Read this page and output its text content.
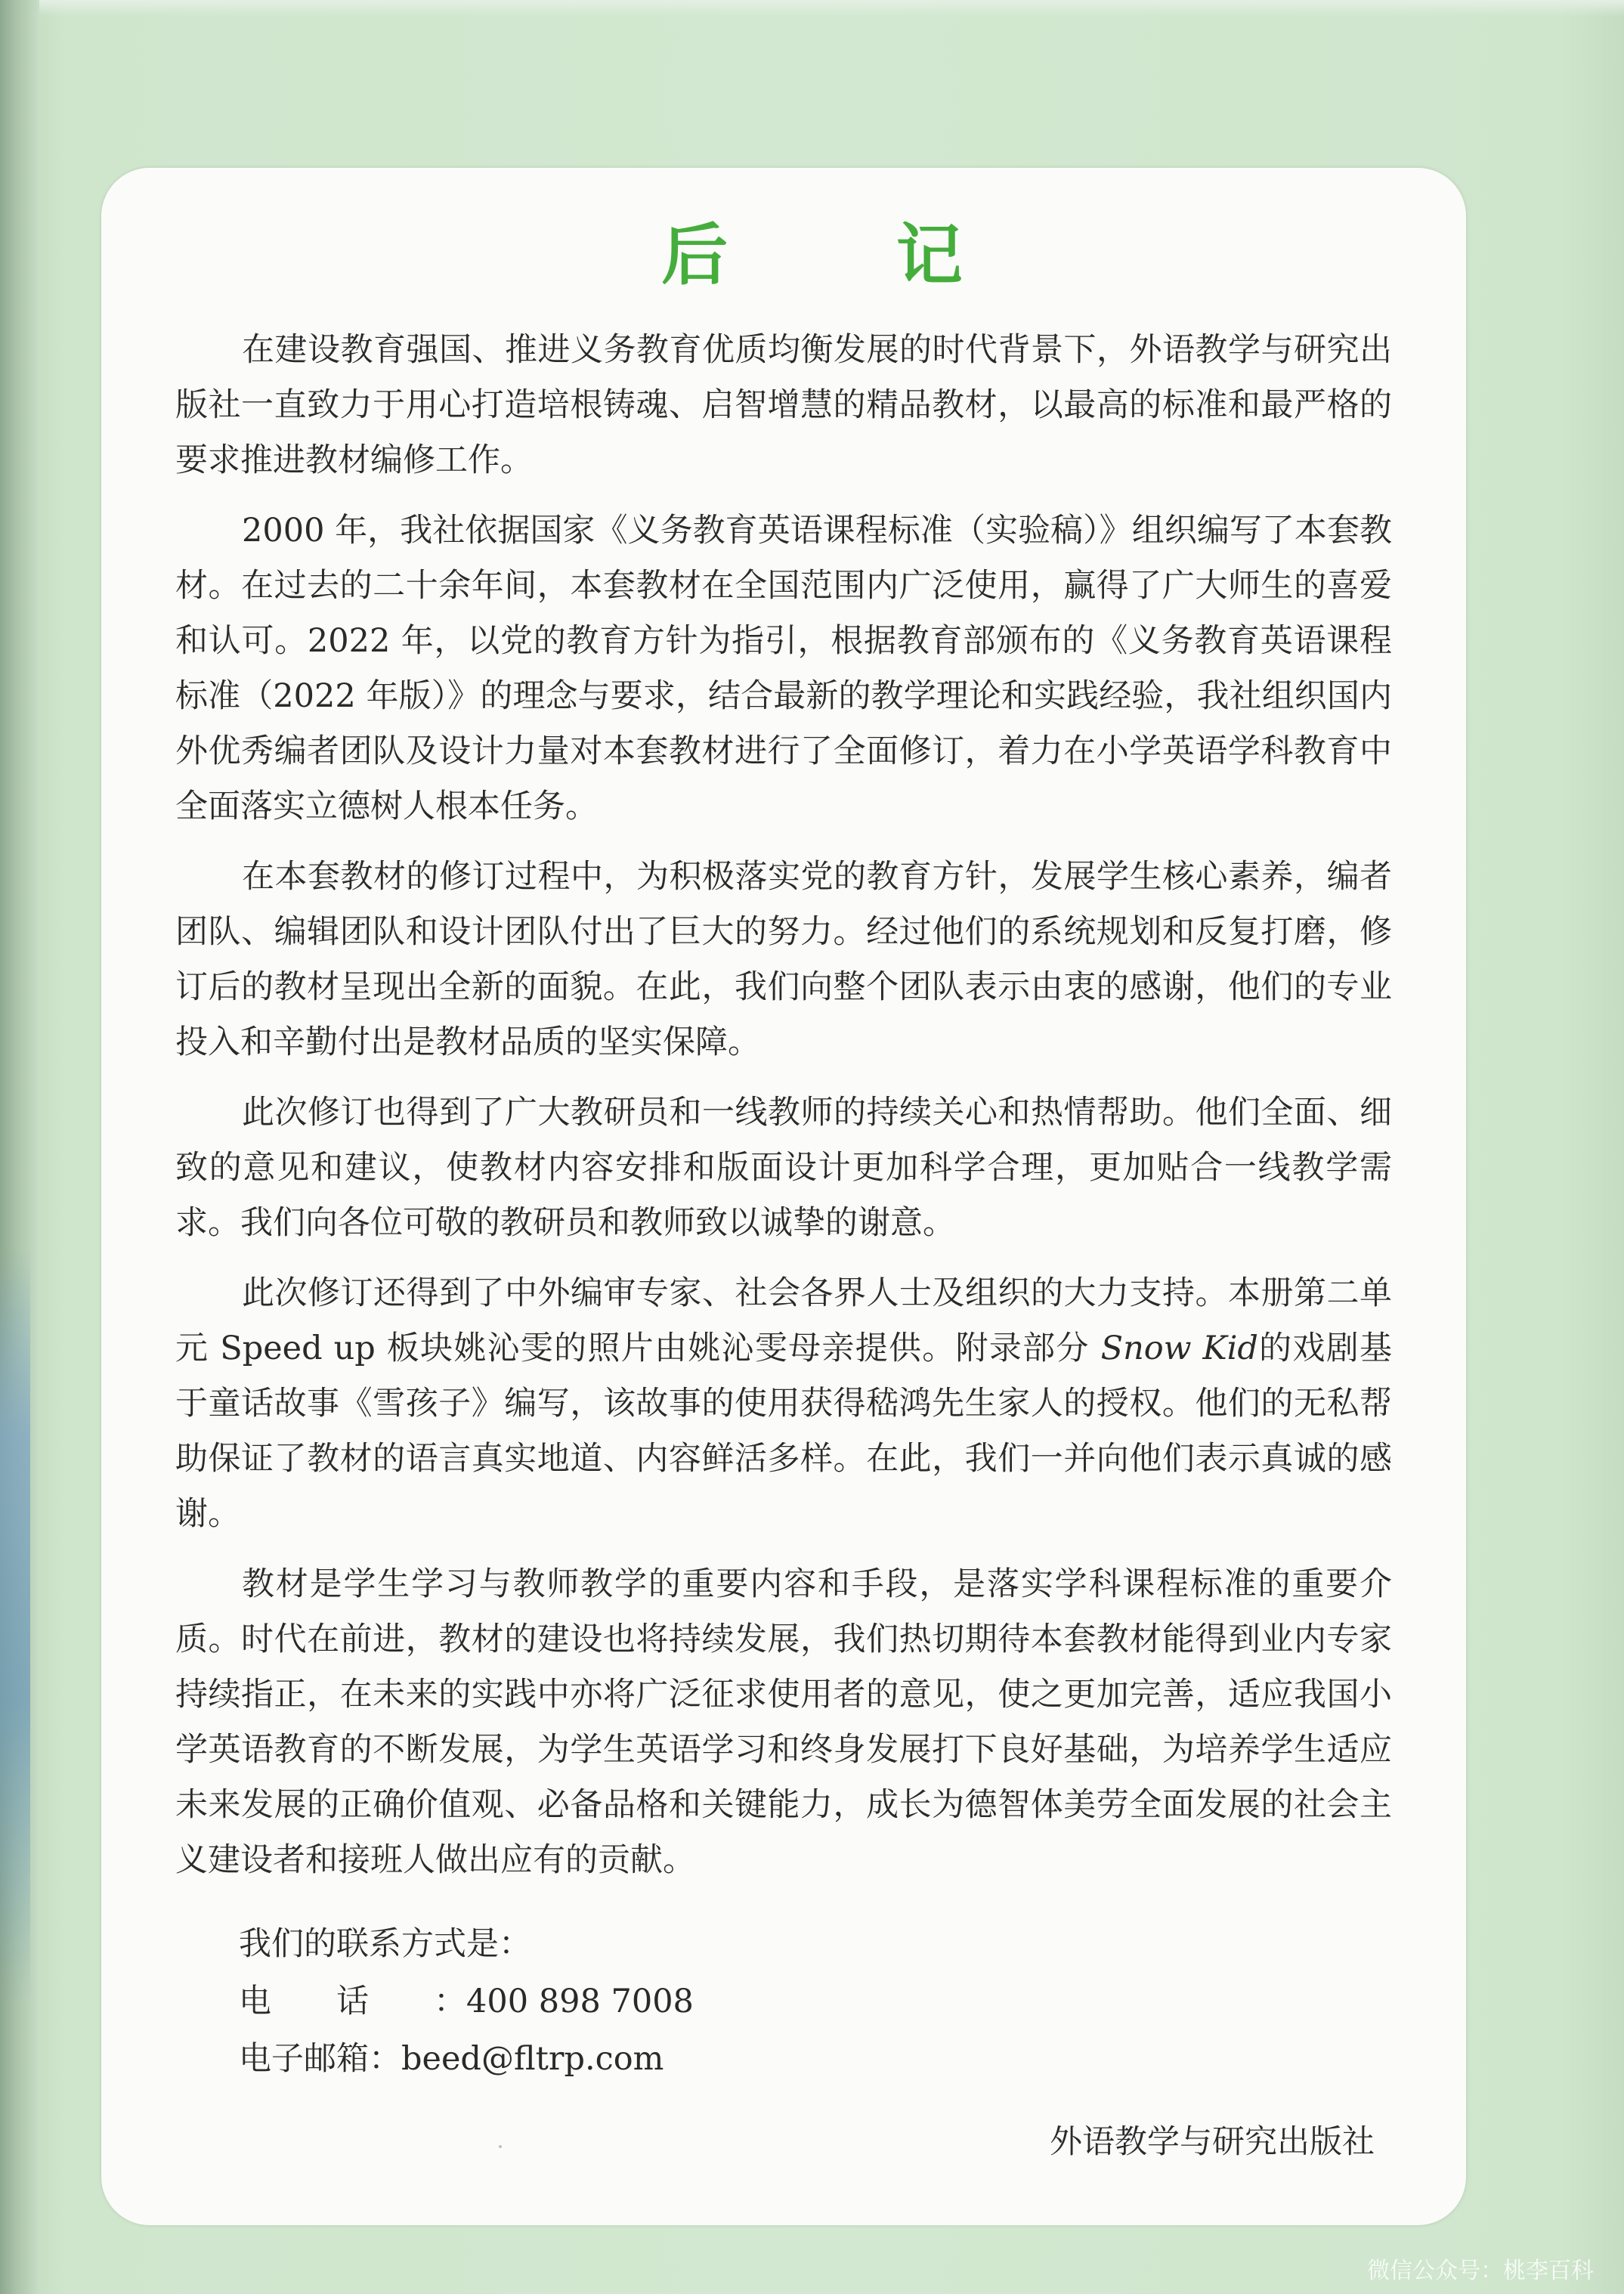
后 记

在建设教育强国、推进义务教育优质均衡发展的时代背景下，外语教学与研究出版社一直致力于用心打造培根铸魂、启智增慧的精品教材，以最高的标准和最严格的要求推进教材编修工作。

2000 年，我社依据国家《义务教育英语课程标准（实验稿）》组织编写了本套教材。在过去的二十余年间，本套教材在全国范围内广泛使用，赢得了广大师生的喜爱和认可。2022 年，以党的教育方针为指引，根据教育部颁布的《义务教育英语课程标准（2022 年版）》的理念与要求，结合最新的教学理论和实践经验，我社组织国内外优秀编者团队及设计力量对本套教材进行了全面修订，着力在小学英语学科教育中全面落实立德树人根本任务。

在本套教材的修订过程中，为积极落实党的教育方针，发展学生核心素养，编者团队、编辑团队和设计团队付出了巨大的努力。经过他们的系统规划和反复打磨，修订后的教材呈现出全新的面貌。在此，我们向整个团队表示由衷的感谢，他们的专业投入和辛勤付出是教材品质的坚实保障。

此次修订也得到了广大教研员和一线教师的持续关心和热情帮助。他们全面、细致的意见和建议，使教材内容安排和版面设计更加科学合理，更加贴合一线教学需求。我们向各位可敬的教研员和教师致以诚挚的谢意。

此次修订还得到了中外编审专家、社会各界人士及组织的大力支持。本册第二单元 Speed up 板块姚沁雯的照片由姚沁雯母亲提供。附录部分 Snow Kid的戏剧基于童话故事《雪孩子》编写，该故事的使用获得嵇鸿先生家人的授权。他们的无私帮助保证了教材的语言真实地道、内容鲜活多样。在此，我们一并向他们表示真诚的感谢。

教材是学生学习与教师教学的重要内容和手段，是落实学科课程标准的重要介质。时代在前进，教材的建设也将持续发展，我们热切期待本套教材能得到业内专家持续指正，在未来的实践中亦将广泛征求使用者的意见，使之更加完善，适应我国小学英语教育的不断发展，为学生英语学习和终身发展打下良好基础，为培养学生适应未来发展的正确价值观、必备品格和关键能力，成长为德智体美劳全面发展的社会主义建设者和接班人做出应有的贡献。

我们的联系方式是：
电话：400 898 7008
电子邮箱：beed@fltrp.com
外语教学与研究出版社
微信公众号：桃李百科
